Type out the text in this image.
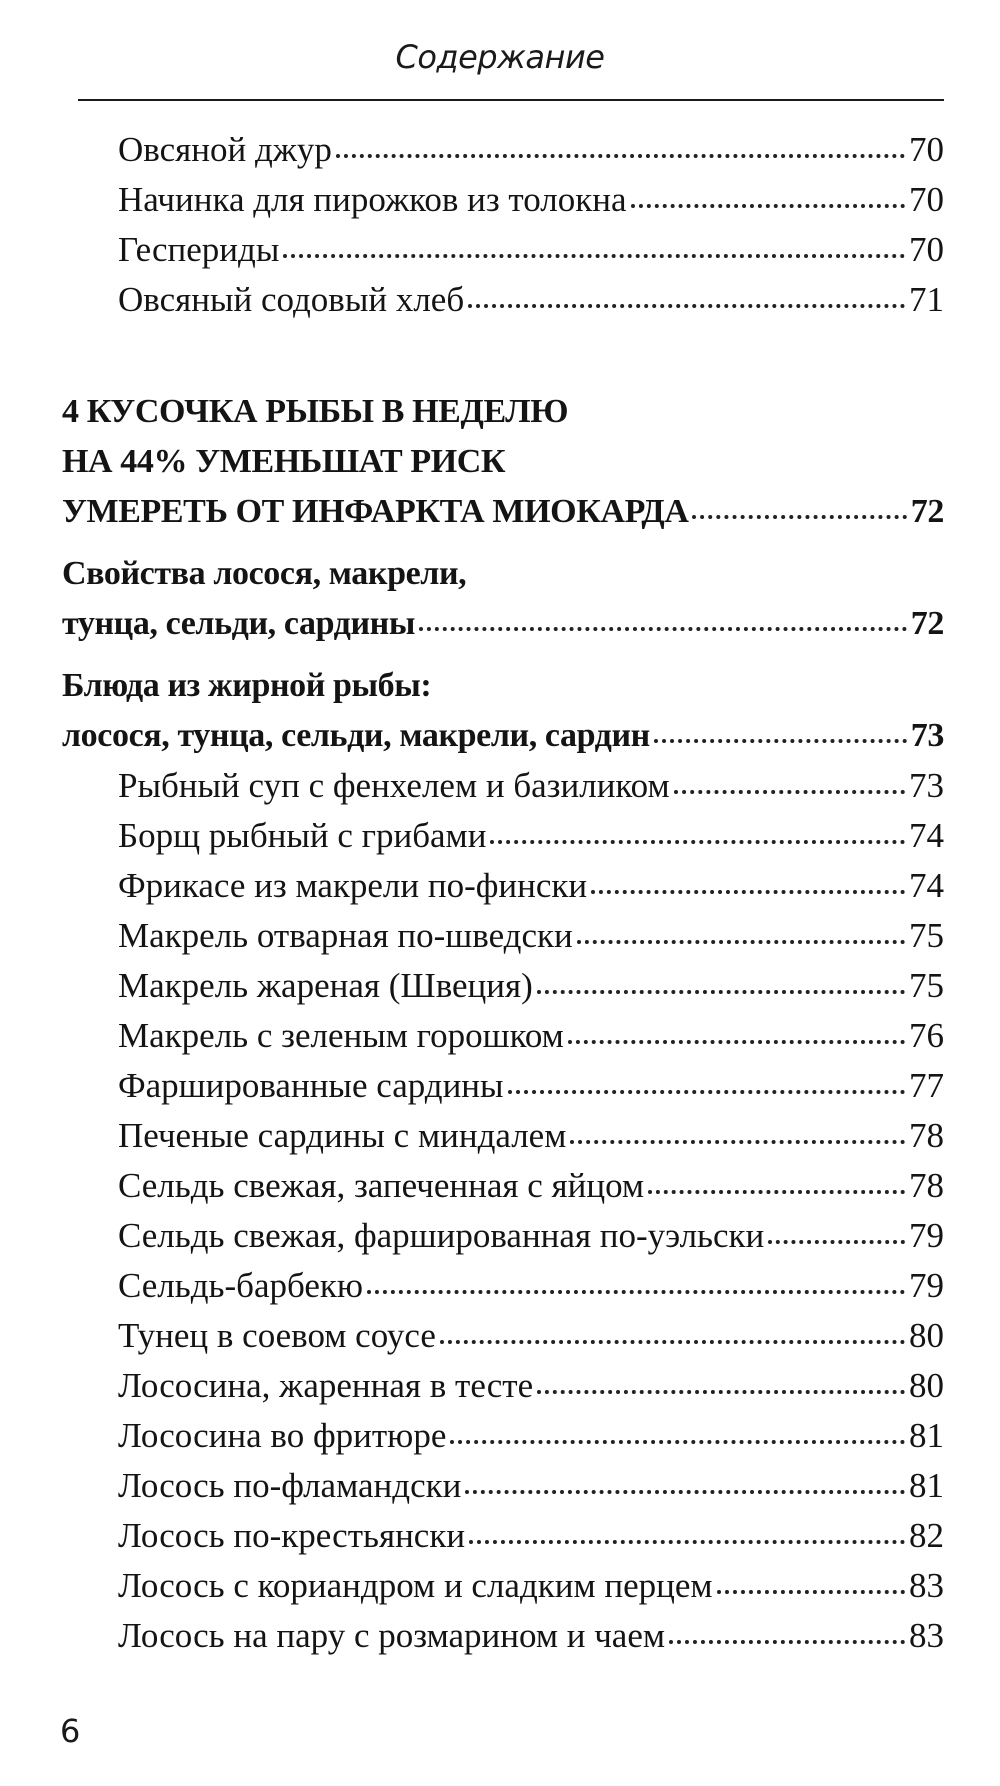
Содержание
Овсяной джур	70
Начинка для пирожков из толокна	70
Геспериды	70
Овсяный содовый хлеб	71
4 КУСОЧКА РЫБЫ В НЕДЕЛЮ
НА 44% УМЕНЬШАТ РИСК
УМЕРЕТЬ ОТ ИНФАРКТА МИОКАРДА	72
Свойства лосося, макрели,
тунца, сельди, сардины	72
Блюда из жирной рыбы:
лосося, тунца, сельди, макрели, сардин	73
Рыбный суп с фенхелем и базиликом	73
Борщ рыбный с грибами	74
Фрикасе из макрели по-фински	74
Макрель отварная по-шведски	75
Макрель жареная (Швеция)	75
Макрель с зеленым горошком	76
Фаршированные сардины	77
Печеные сардины с миндалем	78
Сельдь свежая, запеченная с яйцом	78
Сельдь свежая, фаршированная по-уэльски	79
Сельдь-барбекю	79
Тунец в соевом соусе	80
Лососина, жаренная в тесте	80
Лососина во фритюре	81
Лосось по-фламандски	81
Лосось по-крестьянски	82
Лосось с кориандром и сладким перцем	83
Лосось на пару с розмарином и чаем	83
6
